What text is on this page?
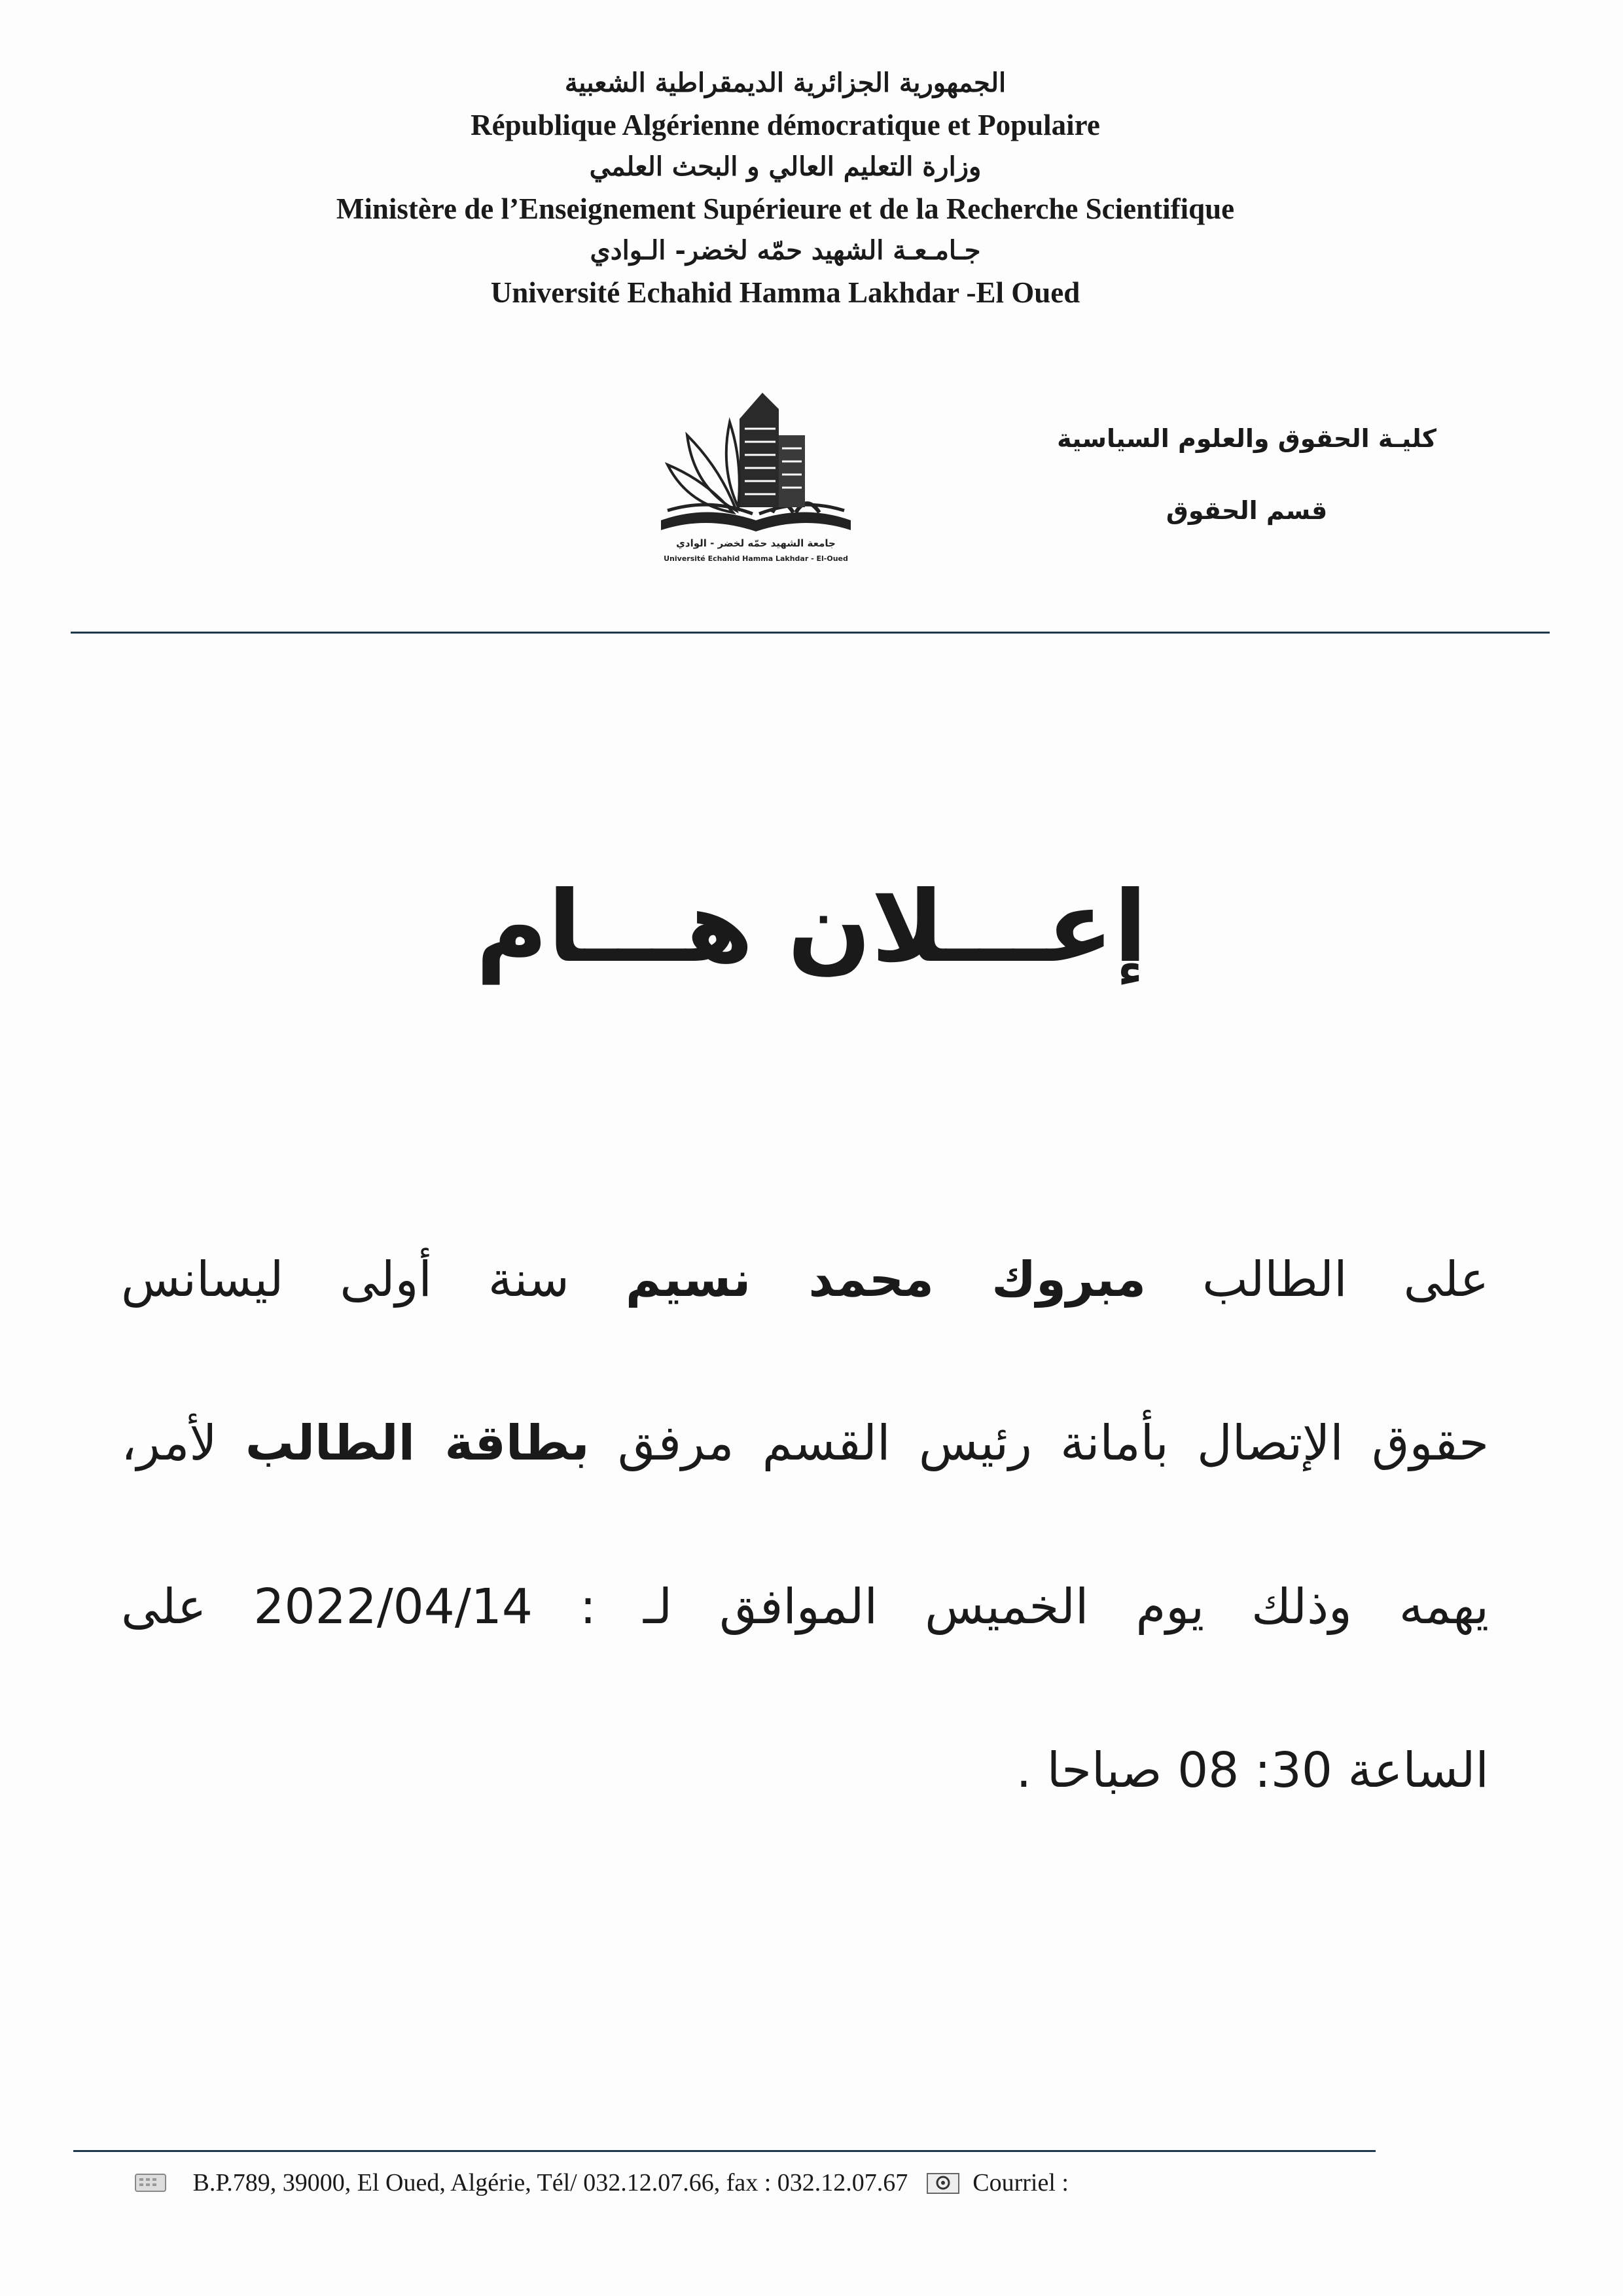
الجمهورية الجزائرية الديمقراطية الشعبية
République Algérienne démocratique et Populaire
وزارة التعليم العالي و البحث العلمي
Ministère de l’Enseignement Supérieure et de la Recherche Scientifique
جـامـعـة الشهيد حمّه لخضر- الـوادي
Université Echahid Hamma Lakhdar -El Oued
كليـة الحقوق والعلوم السياسية
قسم الحقوق
جامعة الشهيد حمّه لخضر - الوادي
Université Echahid Hamma Lakhdar - El-Oued
إعـــلان هـــام
على الطالب مبروك محمد نسيم سنة أولى ليسانس
حقوق الإتصال بأمانة رئيس القسم مرفق بطاقة الطالب لأمر،
يهمه وذلك يوم الخميس الموافق لـ : 2022/04/14 على
الساعة 30: 08 صباحا .
B.P.789, 39000, El Oued, Algérie, Tél/ 032.12.07.66, fax : 032.12.07.67	Courriel :
